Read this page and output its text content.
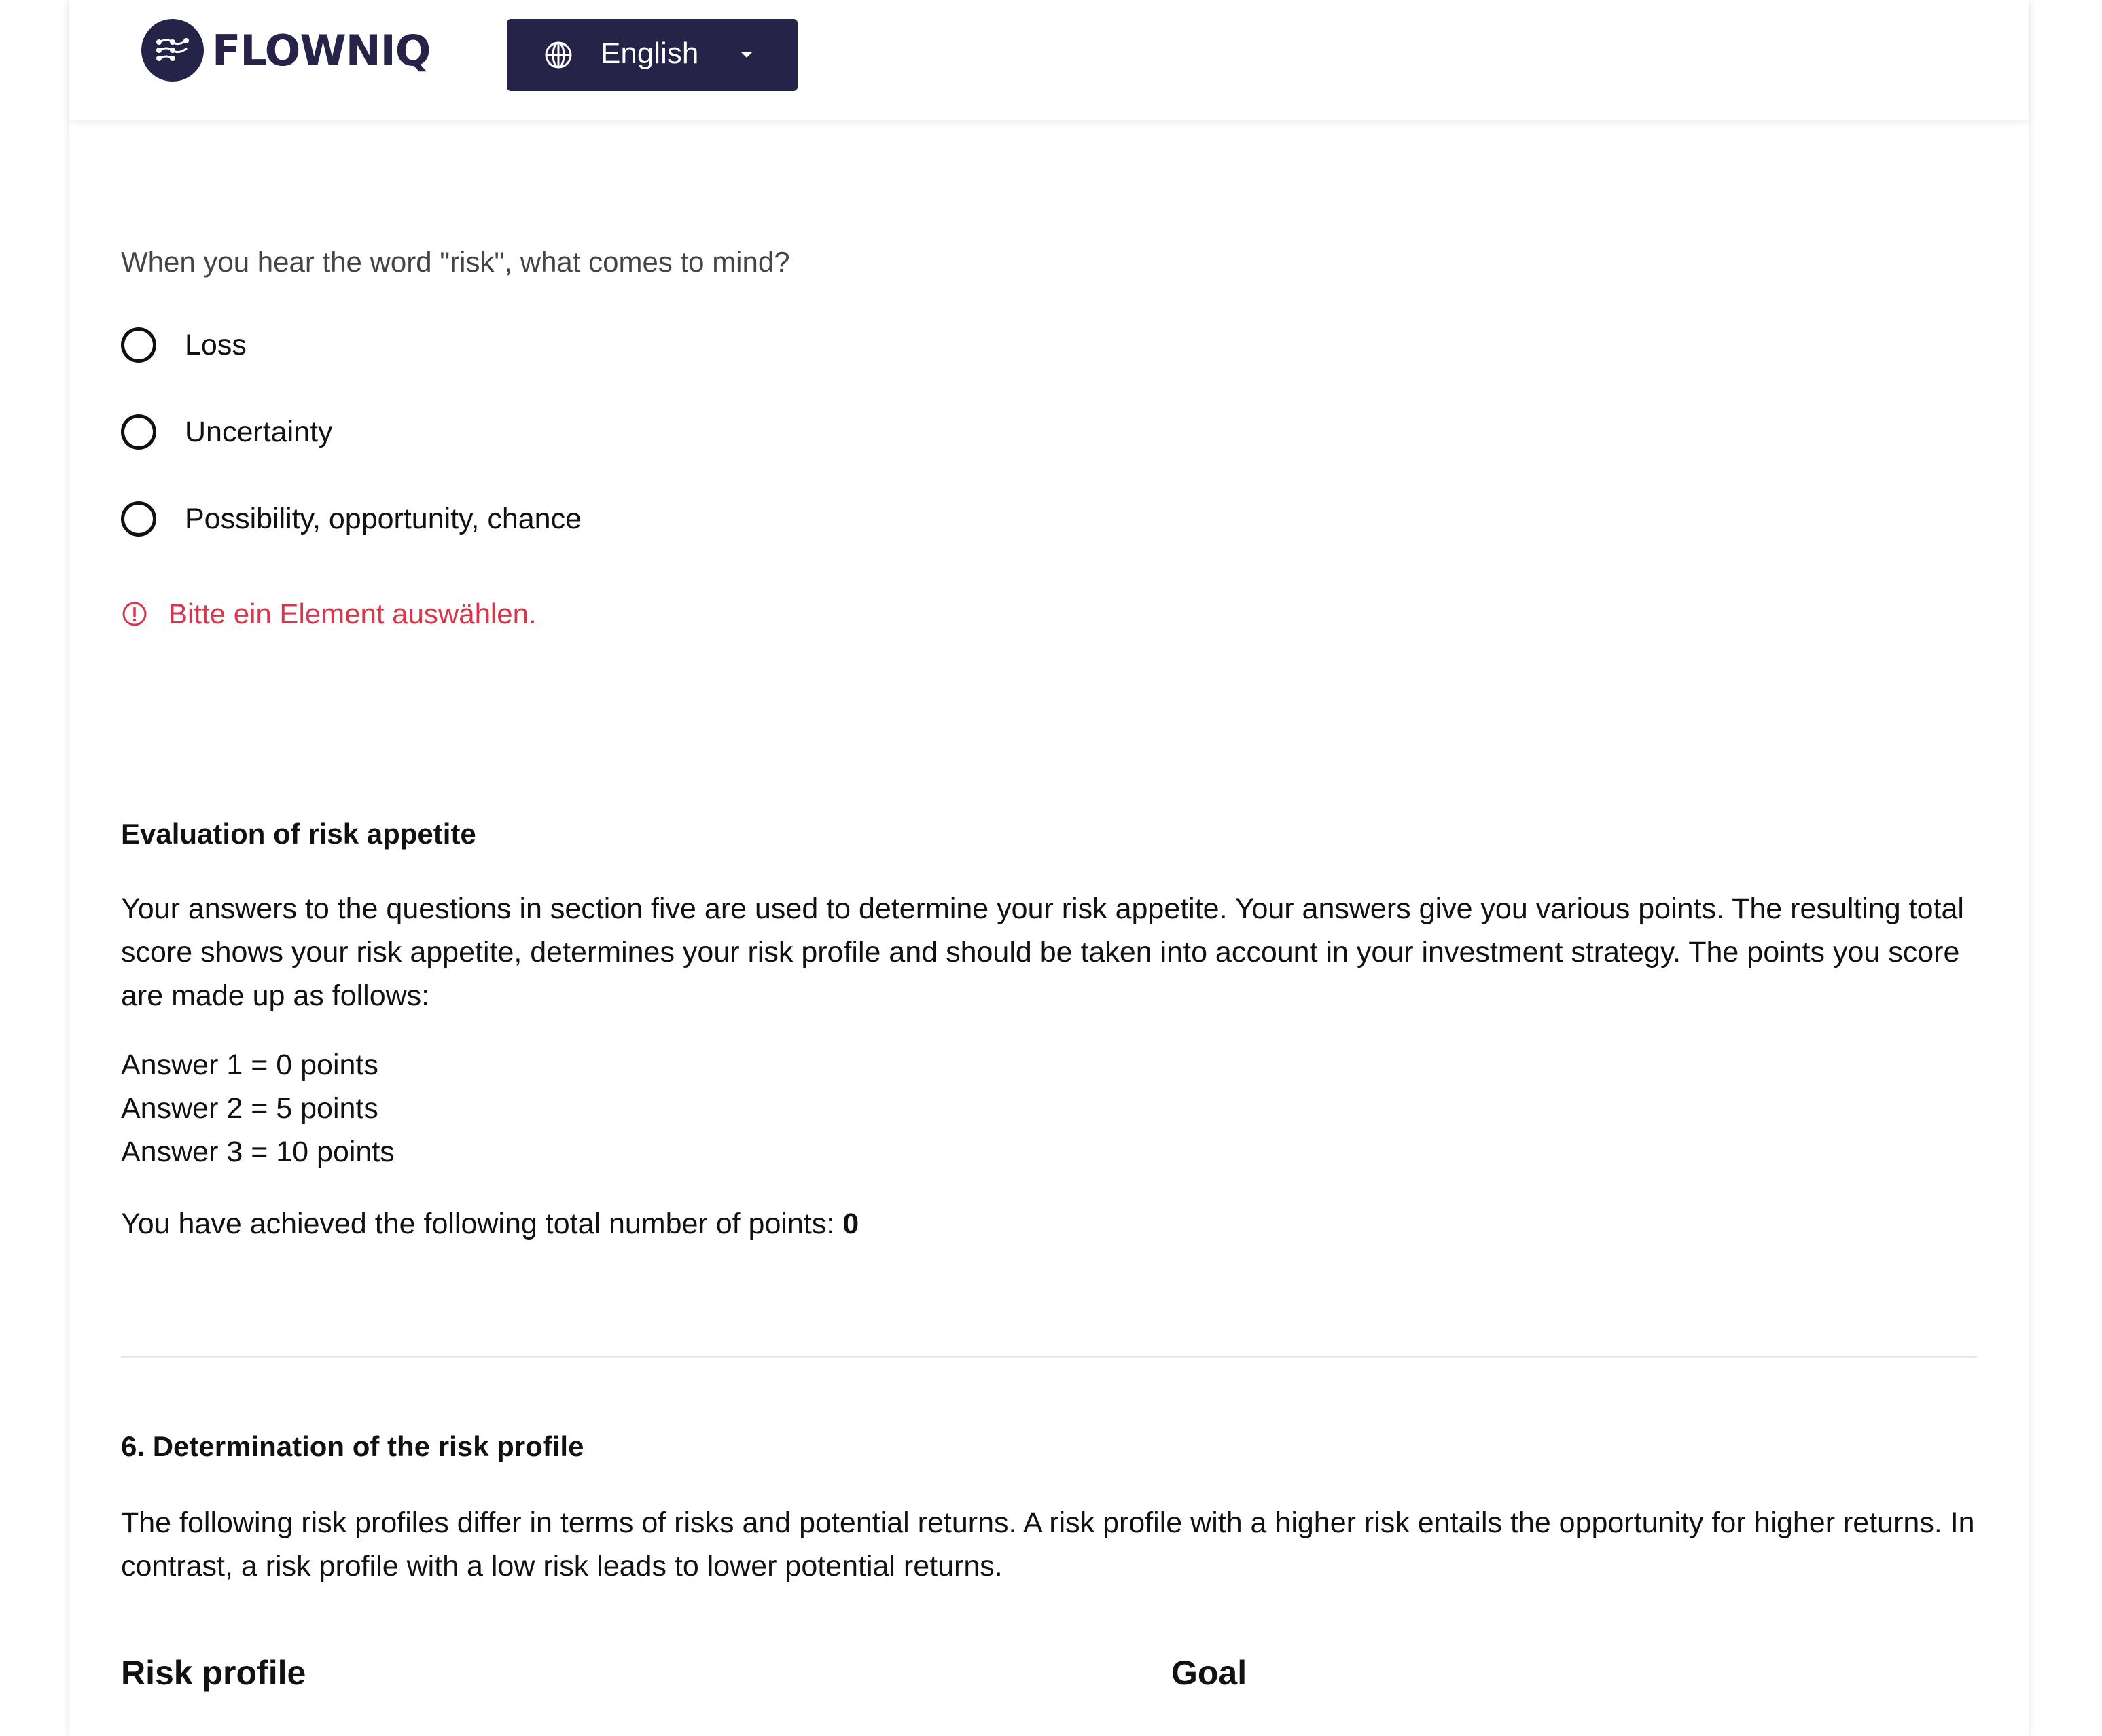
FLOWNIQ	English
When you hear the word "risk", what comes to mind?
Loss
Uncertainty
Possibility, opportunity, chance
Bitte ein Element auswählen.
Evaluation of risk appetite
Your answers to the questions in section five are used to determine your risk appetite. Your answers give you various points. The resulting total score shows your risk appetite, determines your risk profile and should be taken into account in your investment strategy. The points you score are made up as follows:
Answer 1 = 0 points
Answer 2 = 5 points
Answer 3 = 10 points
You have achieved the following total number of points: 0
6. Determination of the risk profile
The following risk profiles differ in terms of risks and potential returns. A risk profile with a higher risk entails the opportunity for higher returns. In contrast, a risk profile with a low risk leads to lower potential returns.
Risk profile	Goal
